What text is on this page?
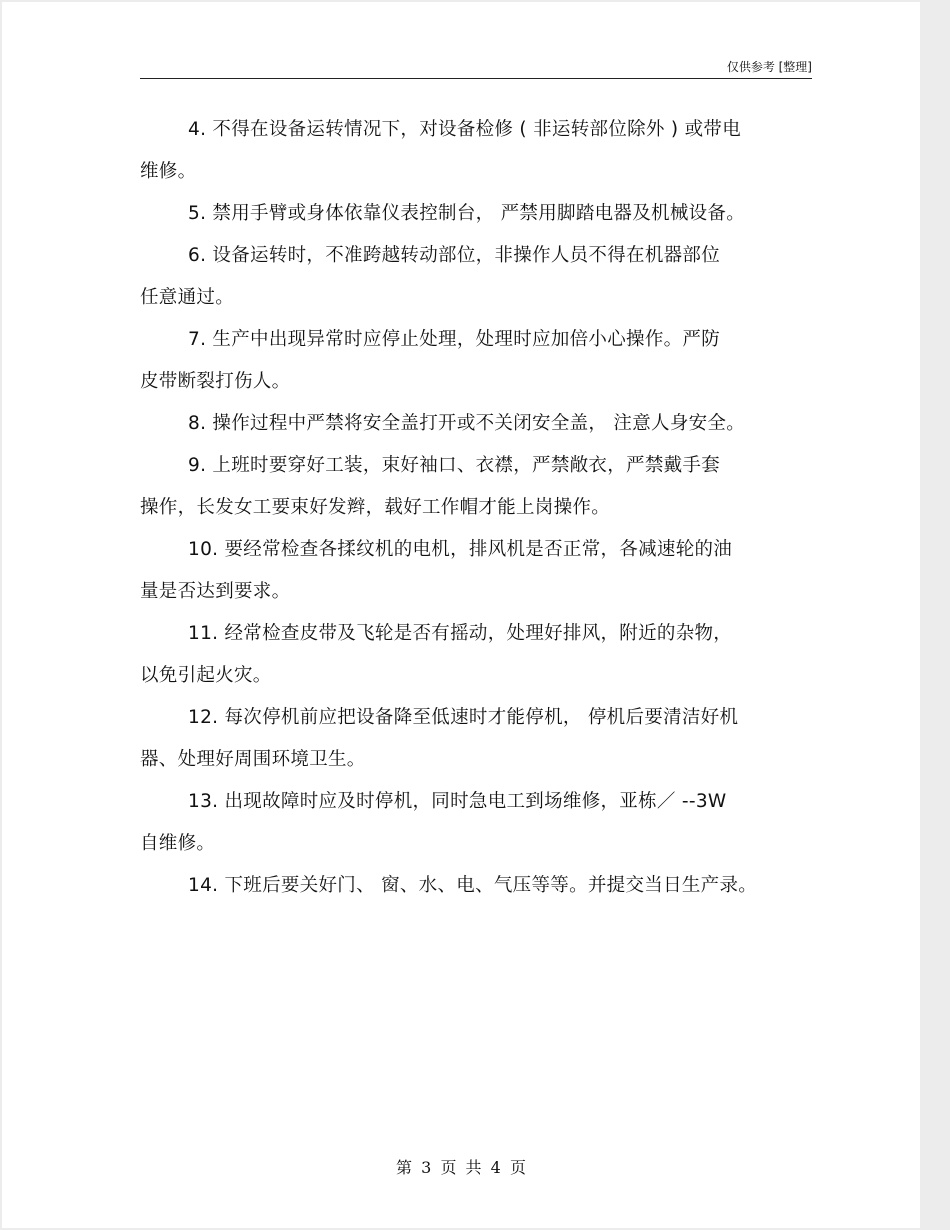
仅供参考 [整理]
4. 不得在设备运转情况下，对设备检修 ( 非运转部位除外 ) 或带电
维修。
5. 禁用手臂或身体依靠仪表控制台， 严禁用脚踏电器及机械设备。
6. 设备运转时，不准跨越转动部位，非操作人员不得在机器部位
任意通过。
7. 生产中出现异常时应停止处理，处理时应加倍小心操作。严防
皮带断裂打伤人。
8. 操作过程中严禁将安全盖打开或不关闭安全盖， 注意人身安全。
9. 上班时要穿好工装，束好袖口、衣襟，严禁敞衣，严禁戴手套
操作，长发女工要束好发辫，载好工作帽才能上岗操作。
10. 要经常检查各揉纹机的电机，排风机是否正常，各减速轮的油
量是否达到要求。
11. 经常检查皮带及飞轮是否有摇动，处理好排风，附近的杂物，
以免引起火灾。
12. 每次停机前应把设备降至低速时才能停机， 停机后要清洁好机
器、处理好周围环境卫生。
13. 出现故障时应及时停机，同时急电工到场维修，亚栋／ --3W
自维修。
14. 下班后要关好门、 窗、水、电、气压等等。并提交当日生产录。
第 3 页 共 4 页
